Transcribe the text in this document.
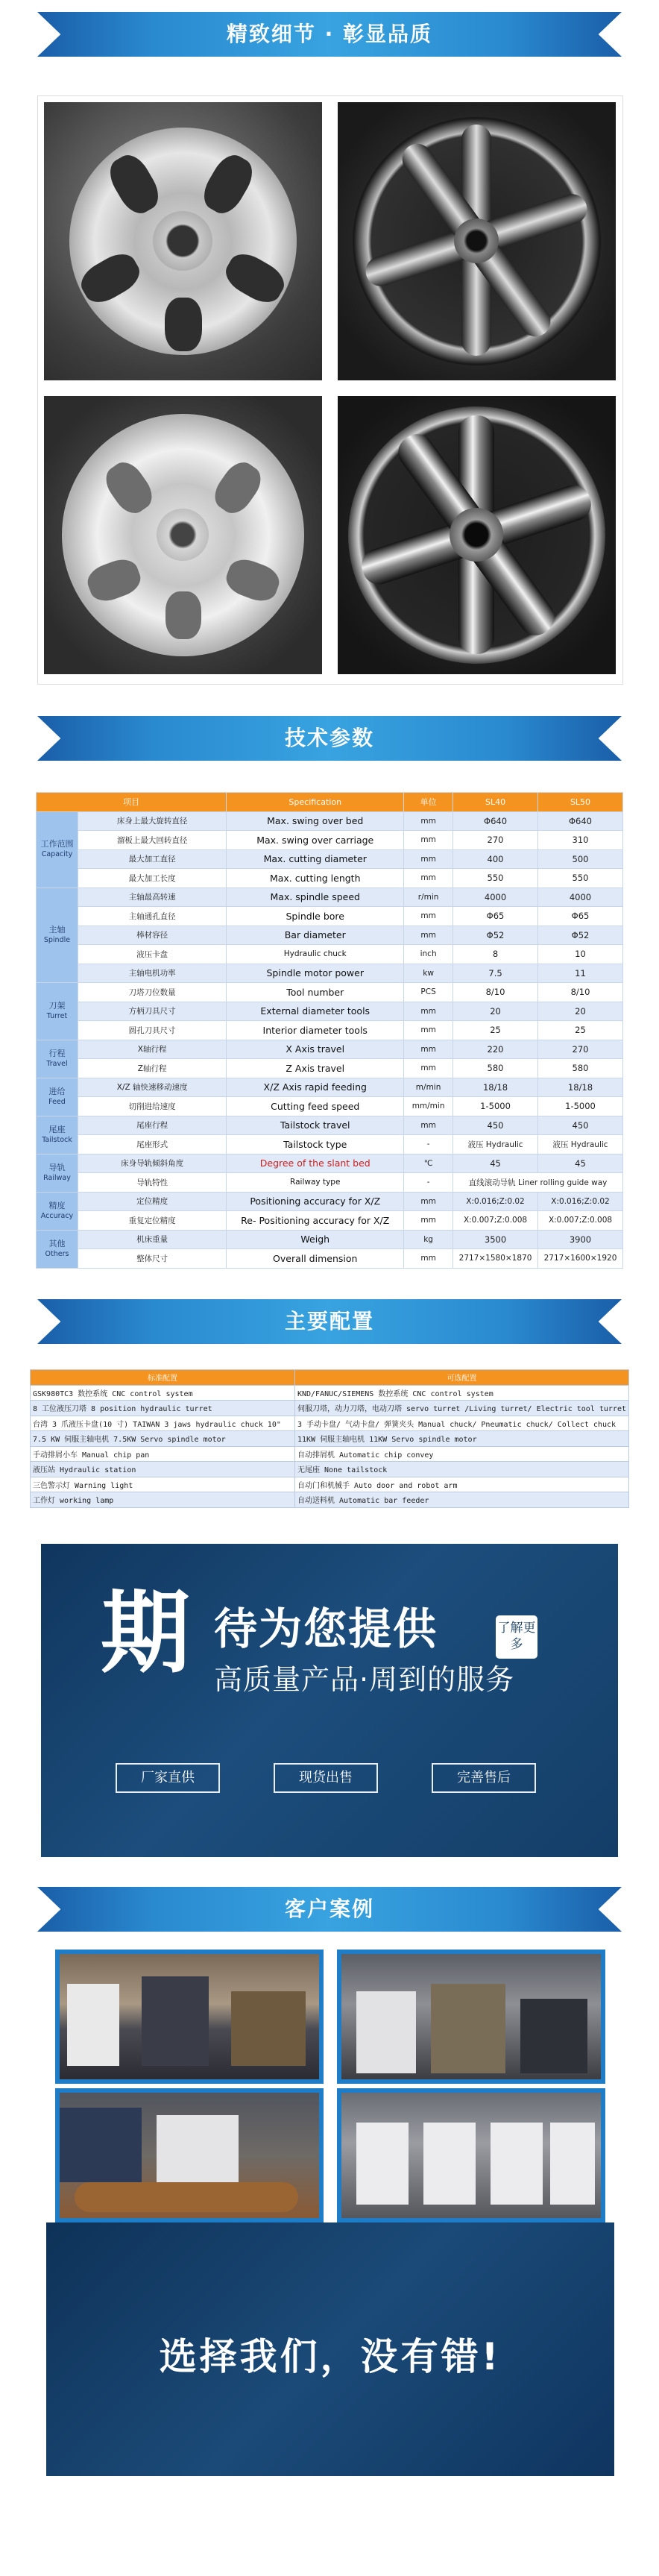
精致细节 · 彰显品质
技术参数
项目		Specification	单位	SL40	SL50

工作范围
Capacity	床身上最大旋转直径	Max. swing over bed	mm	Φ640	Φ640
	溜板上最大回转直径	Max. swing over carriage	mm	270	310
	最大加工直径	Max. cutting diameter	mm	400	500
	最大加工长度	Max. cutting length	mm	550	550

主轴
Spindle	主轴最高转速	Max. spindle speed	r/min	4000	4000
	主轴通孔直径	Spindle bore	mm	Φ65	Φ65
	棒材容径	Bar diameter	mm	Φ52	Φ52
	液压卡盘	Hydraulic chuck	inch	8	10
	主轴电机功率	Spindle motor power	kw	7.5	11

刀架
Turret	刀塔刀位数量	Tool number	PCS	8/10	8/10
	方柄刀具尺寸	External diameter tools	mm	20	20
	圆孔刀具尺寸	Interior diameter tools	mm	25	25

行程
Travel	X轴行程	X Axis travel	mm	220	270
	Z轴行程	Z Axis travel	mm	580	580

进给
Feed	X/Z 轴快速移动速度	X/Z Axis rapid feeding	m/min	18/18	18/18
	切削进给速度	Cutting feed speed	mm/min	1-5000	1-5000

尾座
Tailstock	尾座行程	Tailstock travel	mm	450	450
	尾座形式	Tailstock type	-	液压 Hydraulic	液压 Hydraulic

导轨
Railway	床身导轨倾斜角度	Degree of the slant bed	℃	45	45
	导轨特性	Railway type	-	直线滚动导轨 Liner rolling guide way	

精度
Accuracy	定位精度	Positioning accuracy for X/Z	mm	X:0.016;Z:0.02	X:0.016;Z:0.02
	重复定位精度	Re- Positioning accuracy for X/Z	mm	X:0.007;Z:0.008	X:0.007;Z:0.008

其他
Others	机床重量	Weigh	kg	3500	3900
	整体尺寸	Overall dimension	mm	2717×1580×1870	2717×1600×1920
主要配置
标准配置	可选配置
GSK980TC3 数控系统 CNC control system	KND/FANUC/SIEMENS 数控系统 CNC control system
8 工位液压刀塔 8 position hydraulic turret	伺服刀塔，动力刀塔，电动刀塔 servo turret /Living turret/ Electric tool turret
台湾 3 爪液压卡盘(10 寸) TAIWAN 3 jaws hydraulic chuck 10"	3 手动卡盘/ 气动卡盘/ 弹簧夹头 Manual chuck/ Pneumatic chuck/ Collect chuck
7.5 KW 伺服主轴电机 7.5KW Servo spindle motor	11KW 伺服主轴电机 11KW Servo spindle motor
手动排屑小车 Manual chip pan	自动排屑机 Automatic chip convey
液压站 Hydraulic station	无尾座 None tailstock
三色警示灯 Warning light	自动门和机械手 Auto door and robot arm
工作灯 working lamp	自动送料机 Automatic bar feeder
期 待为您提供
高质量产品·周到的服务
了解更多
厂家直供	现货出售	完善售后
客户案例
选择我们，没有错!
